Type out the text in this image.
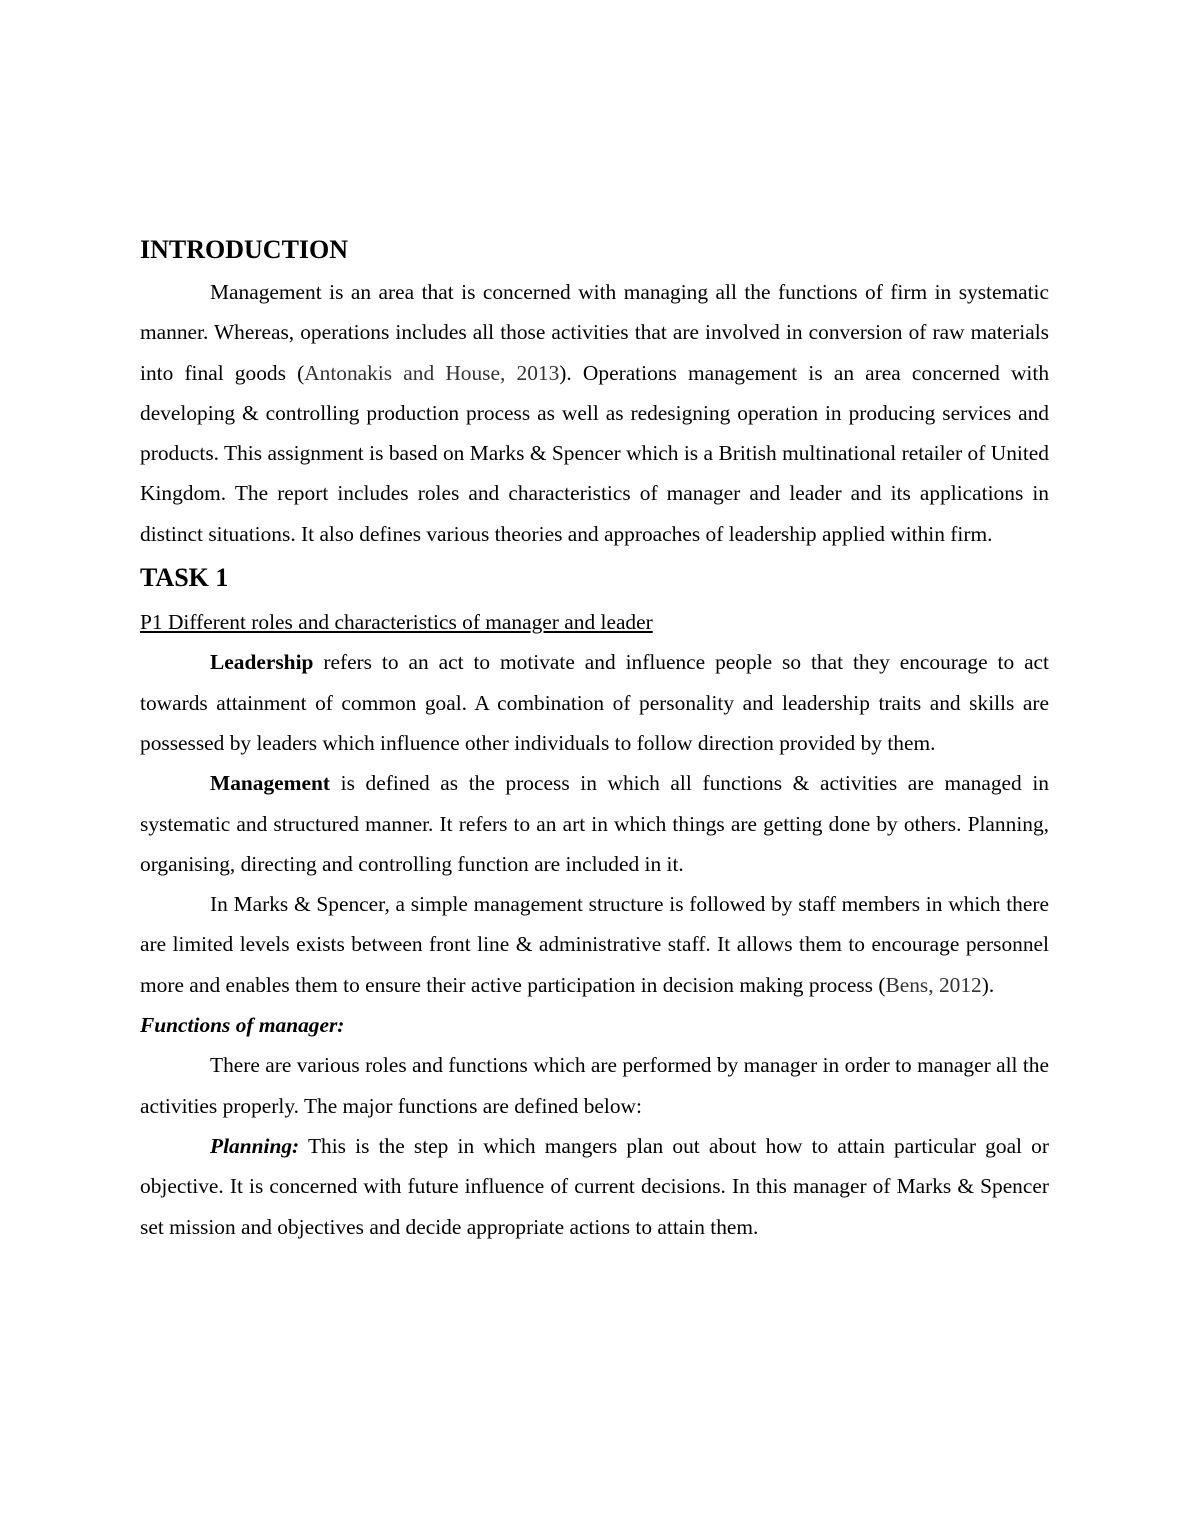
INTRODUCTION

Management is an area that is concerned with managing all the functions of firm in systematic manner. Whereas, operations includes all those activities that are involved in conversion of raw materials into final goods (Antonakis and House, 2013). Operations management is an area concerned with developing & controlling production process as well as redesigning operation in producing services and products. This assignment is based on Marks & Spencer which is a British multinational retailer of United Kingdom. The report includes roles and characteristics of manager and leader and its applications in distinct situations. It also defines various theories and approaches of leadership applied within firm.

TASK 1

P1 Different roles and characteristics of manager and leader

Leadership refers to an act to motivate and influence people so that they encourage to act towards attainment of common goal. A combination of personality and leadership traits and skills are possessed by leaders which influence other individuals to follow direction provided by them.

Management is defined as the process in which all functions & activities are managed in systematic and structured manner. It refers to an art in which things are getting done by others. Planning, organising, directing and controlling function are included in it.

In Marks & Spencer, a simple management structure is followed by staff members in which there are limited levels exists between front line & administrative staff. It allows them to encourage personnel more and enables them to ensure their active participation in decision making process (Bens, 2012).

Functions of manager:

There are various roles and functions which are performed by manager in order to manager all the activities properly. The major functions are defined below:

Planning: This is the step in which mangers plan out about how to attain particular goal or objective. It is concerned with future influence of current decisions. In this manager of Marks & Spencer set mission and objectives and decide appropriate actions to attain them.
